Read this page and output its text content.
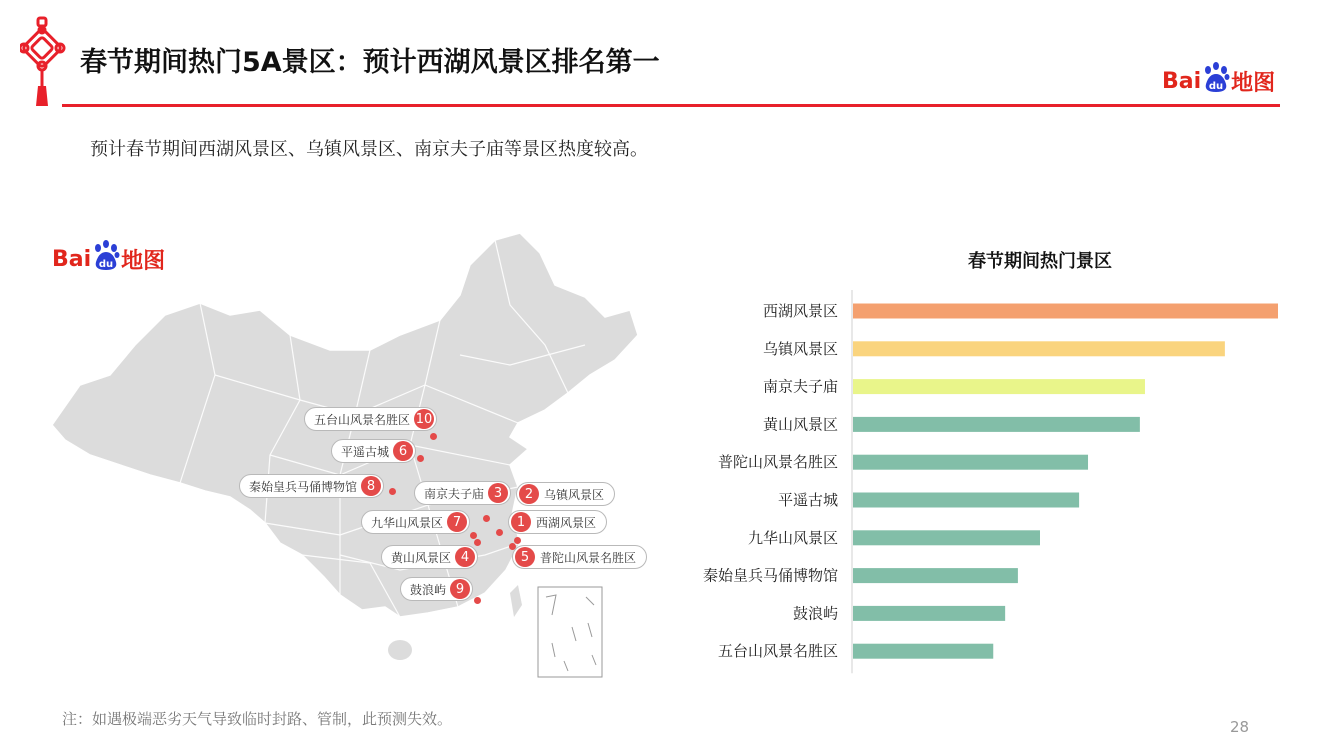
春节期间热门5A景区：预计西湖风景区排名第一
Bai du 地图
预计春节期间西湖风景区、乌镇风景区、南京夫子庙等景区热度较高。
Bai du 地图
1 西湖风景区
2 乌镇风景区
南京夫子庙 3
黄山风景区 4	5 普陀山风景名胜区
平遥古城 6
九华山风景区 7
秦始皇兵马俑博物馆 8
鼓浪屿 9
五台山风景名胜区 10
春节期间热门景区
西湖风景区
乌镇风景区
南京夫子庙
黄山风景区
普陀山风景名胜区
平遥古城
九华山风景区
秦始皇兵马俑博物馆
鼓浪屿
五台山风景名胜区
注：如遇极端恶劣天气导致临时封路、管制，此预测失效。	28
